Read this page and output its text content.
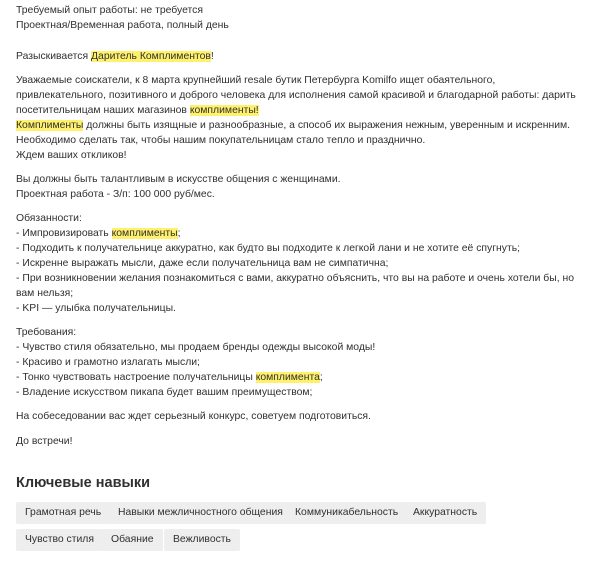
Требуемый опыт работы: не требуется

Проектная/Временная работа, полный день

Разыскивается Даритель Комплиментов!

Уважаемые соискатели, к 8 марта крупнейший resale бутик Петербурга Komilfo ищет обаятельного,

привлекательного, позитивного и доброго человека для исполнения самой красивой и благодарной работы: дарить

посетительницам наших магазинов комплименты!

Комплименты должны быть изящные и разнообразные, а способ их выражения нежным, уверенным и искренним.

Необходимо сделать так, чтобы нашим покупательницам стало тепло и празднично.

Ждем ваших откликов!

Вы должны быть талантливым в искусстве общения с женщинами.

Проектная работа - З/п: 100 000 руб/мес.

Обязанности:

- Импровизировать комплименты;

- Подходить к получательнице аккуратно, как будто вы подходите к легкой лани и не хотите её спугнуть;

- Искренне выражать мысли, даже если получательница вам не симпатична;

- При возникновении желания познакомиться с вами, аккуратно объяснить, что вы на работе и очень хотели бы, но

вам нельзя;

- KPI — улыбка получательницы.

Требования:

- Чувство стиля обязательно, мы продаем бренды одежды высокой моды!

- Красиво и грамотно излагать мысли;

- Тонко чувствовать настроение получательницы комплимента;

- Владение искусством пикапа будет вашим преимуществом;

На собеседовании вас ждет серьезный конкурс, советуем подготовиться.

До встречи!

Ключевые навыки
Грамотная речь	Навыки межличностного общения	Коммуникабельность	Аккуратность
Чувство стиля	Обаяние	Вежливость
